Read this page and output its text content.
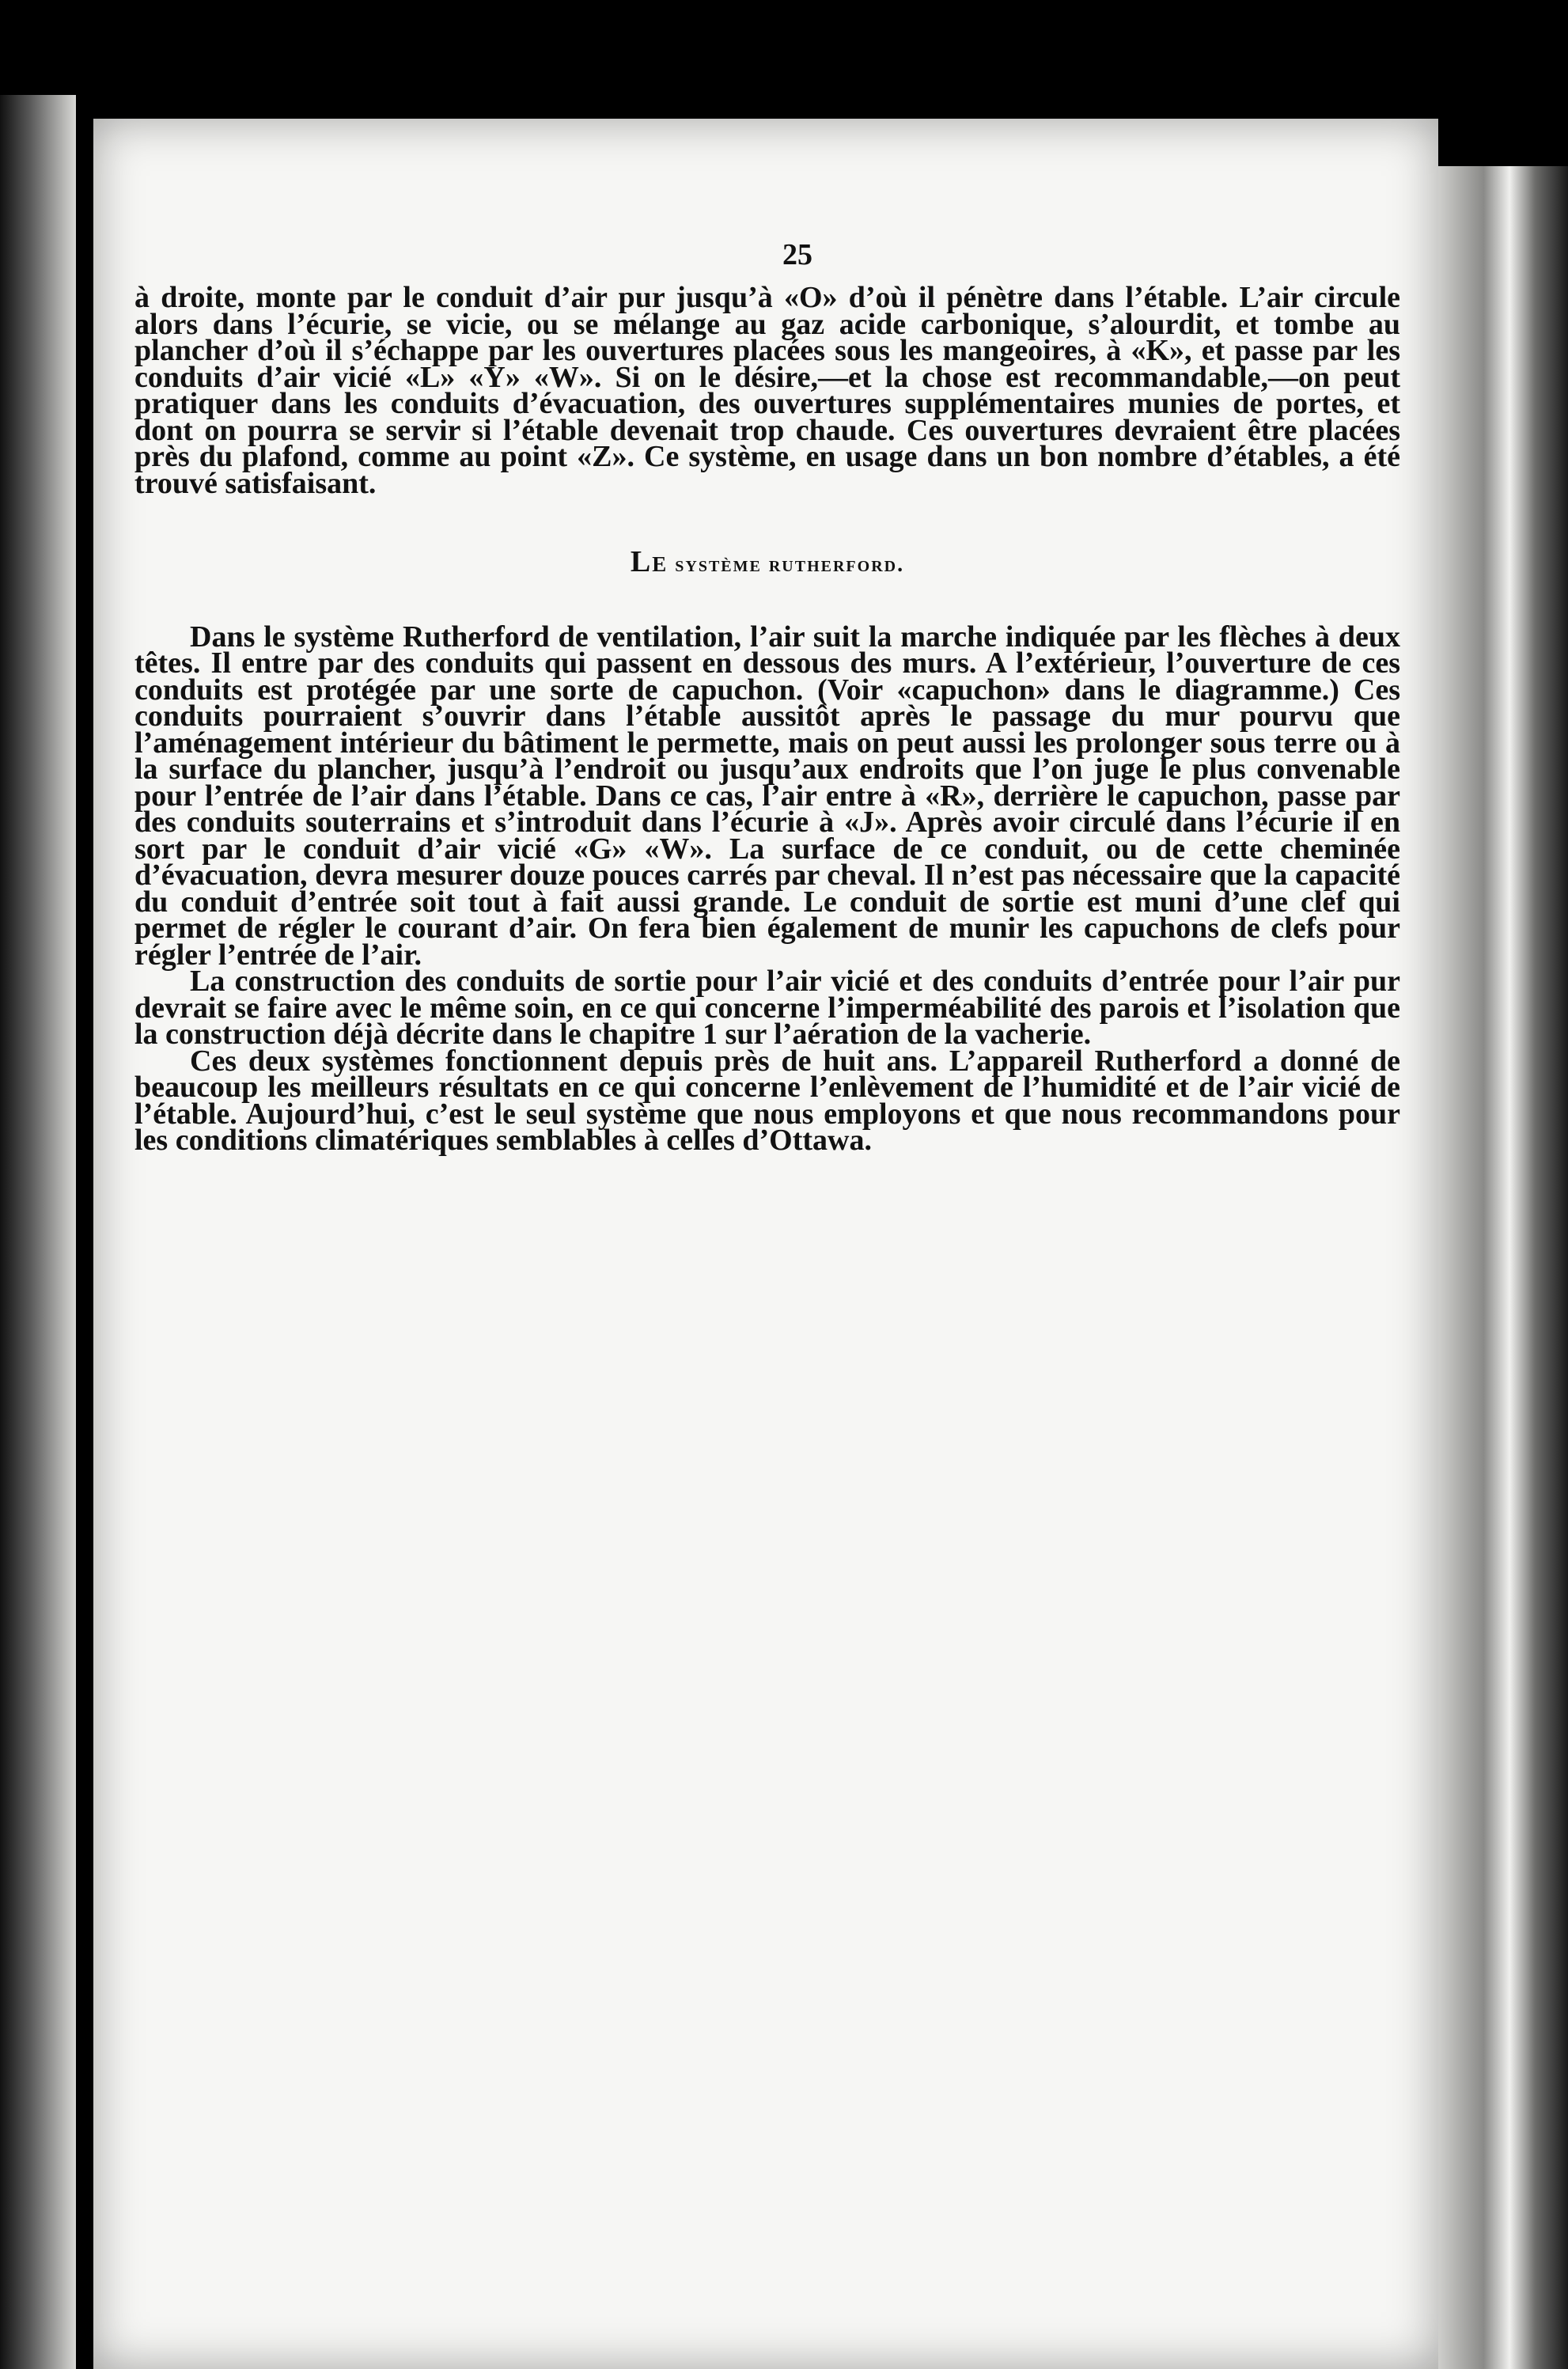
25

à droite, monte par le conduit d’air pur jusqu’à «O» d’où il pénètre dans l’étable. L’air circule alors dans l’écurie, se vicie, ou se mélange au gaz acide carbonique, s’alourdit, et tombe au plancher d’où il s’échappe par les ouvertures placées sous les mangeoires, à «K», et passe par les conduits d’air vicié «L» «Y» «W». Si on le désire,—et la chose est recommandable,—on peut pratiquer dans les conduits d’évacuation, des ouvertures supplémentaires munies de portes, et dont on pourra se servir si l’étable devenait trop chaude. Ces ouvertures devraient être placées près du plafond, comme au point «Z». Ce système, en usage dans un bon nombre d’étables, a été trouvé satisfaisant.

Le système rutherford.

Dans le système Rutherford de ventilation, l’air suit la marche indiquée par les flèches à deux têtes. Il entre par des conduits qui passent en dessous des murs. A l’extérieur, l’ouverture de ces conduits est protégée par une sorte de capuchon. (Voir «capuchon» dans le diagramme.) Ces conduits pourraient s’ouvrir dans l’étable aussitôt après le passage du mur pourvu que l’aménagement intérieur du bâtiment le permette, mais on peut aussi les prolonger sous terre ou à la surface du plancher, jusqu’à l’endroit ou jusqu’aux endroits que l’on juge le plus convenable pour l’entrée de l’air dans l’étable. Dans ce cas, l’air entre à «R», derrière le capuchon, passe par des conduits souterrains et s’introduit dans l’écurie à «J». Après avoir circulé dans l’écurie il en sort par le conduit d’air vicié «G» «W». La surface de ce conduit, ou de cette cheminée d’évacuation, devra mesurer douze pouces carrés par cheval. Il n’est pas nécessaire que la capacité du conduit d’entrée soit tout à fait aussi grande. Le conduit de sortie est muni d’une clef qui permet de régler le courant d’air. On fera bien également de munir les capuchons de clefs pour régler l’entrée de l’air.

La construction des conduits de sortie pour l’air vicié et des conduits d’entrée pour l’air pur devrait se faire avec le même soin, en ce qui concerne l’imperméabilité des parois et l’isolation que la construction déjà décrite dans le chapitre 1 sur l’aération de la vacherie.

Ces deux systèmes fonctionnent depuis près de huit ans. L’appareil Rutherford a donné de beaucoup les meilleurs résultats en ce qui concerne l’enlèvement de l’humidité et de l’air vicié de l’étable. Aujourd’hui, c’est le seul système que nous employons et que nous recommandons pour les conditions climatériques semblables à celles d’Ottawa.
